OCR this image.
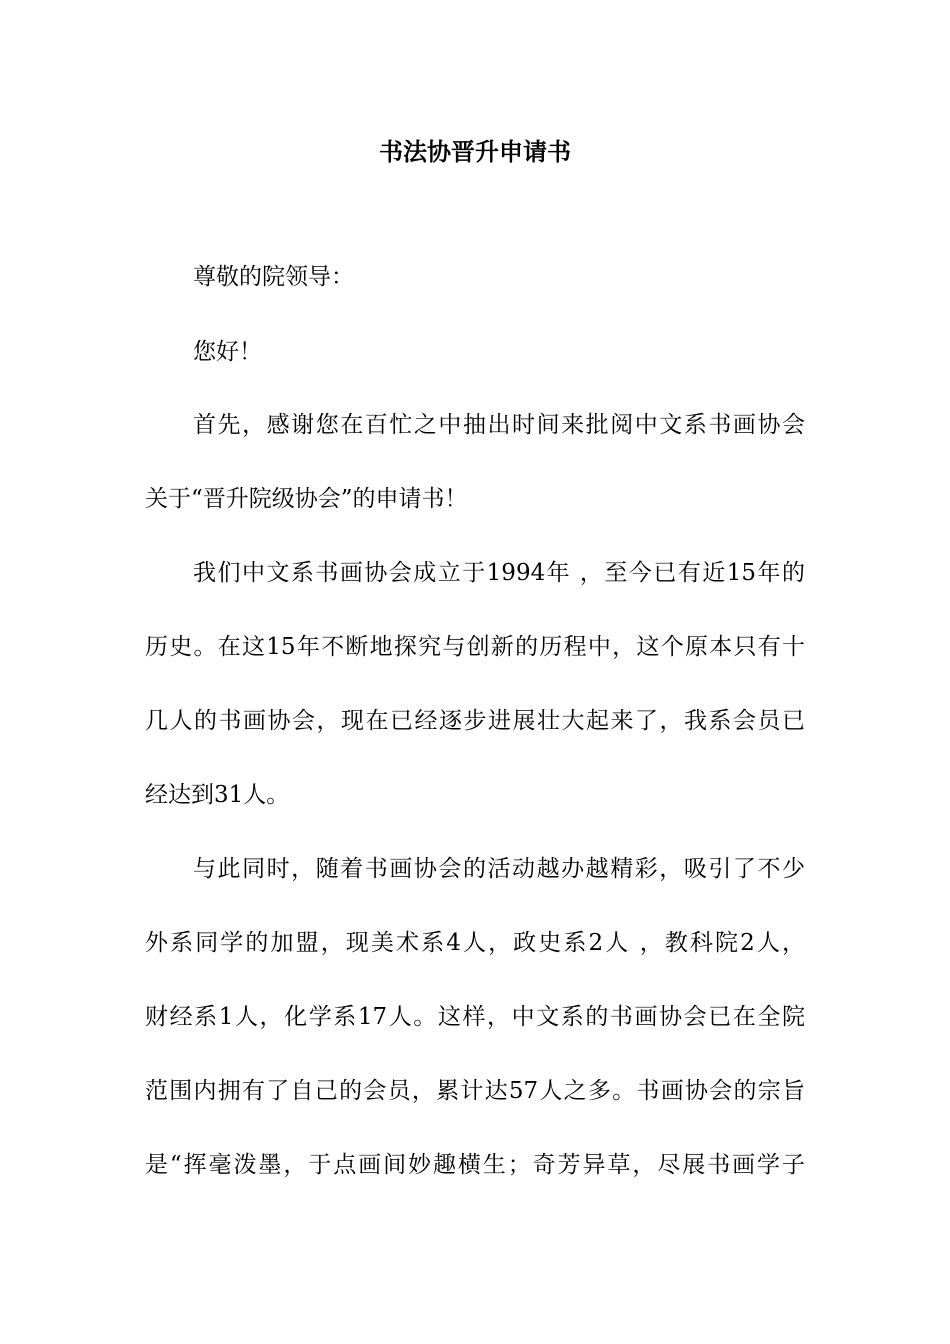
书法协晋升申请书
尊敬的院领导：
您好！
首先，感谢您在百忙之中抽出时间来批阅中文系书画协会
关于“晋升院级协会”的申请书！
我们中文系书画协会成立于1994年 ，至今已有近15年的
历史。在这15年不断地探究与创新的历程中，这个原本只有十
几人的书画协会，现在已经逐步进展壮大起来了，我系会员已
经达到31人。
与此同时，随着书画协会的活动越办越精彩，吸引了不少
外系同学的加盟，现美术系4人，政史系2人 ，教科院2人，
财经系1人，化学系17人。这样，中文系的书画协会已在全院
范围内拥有了自己的会员，累计达57人之多。书画协会的宗旨
是“挥毫泼墨，于点画间妙趣横生；奇芳异草，尽展书画学子
